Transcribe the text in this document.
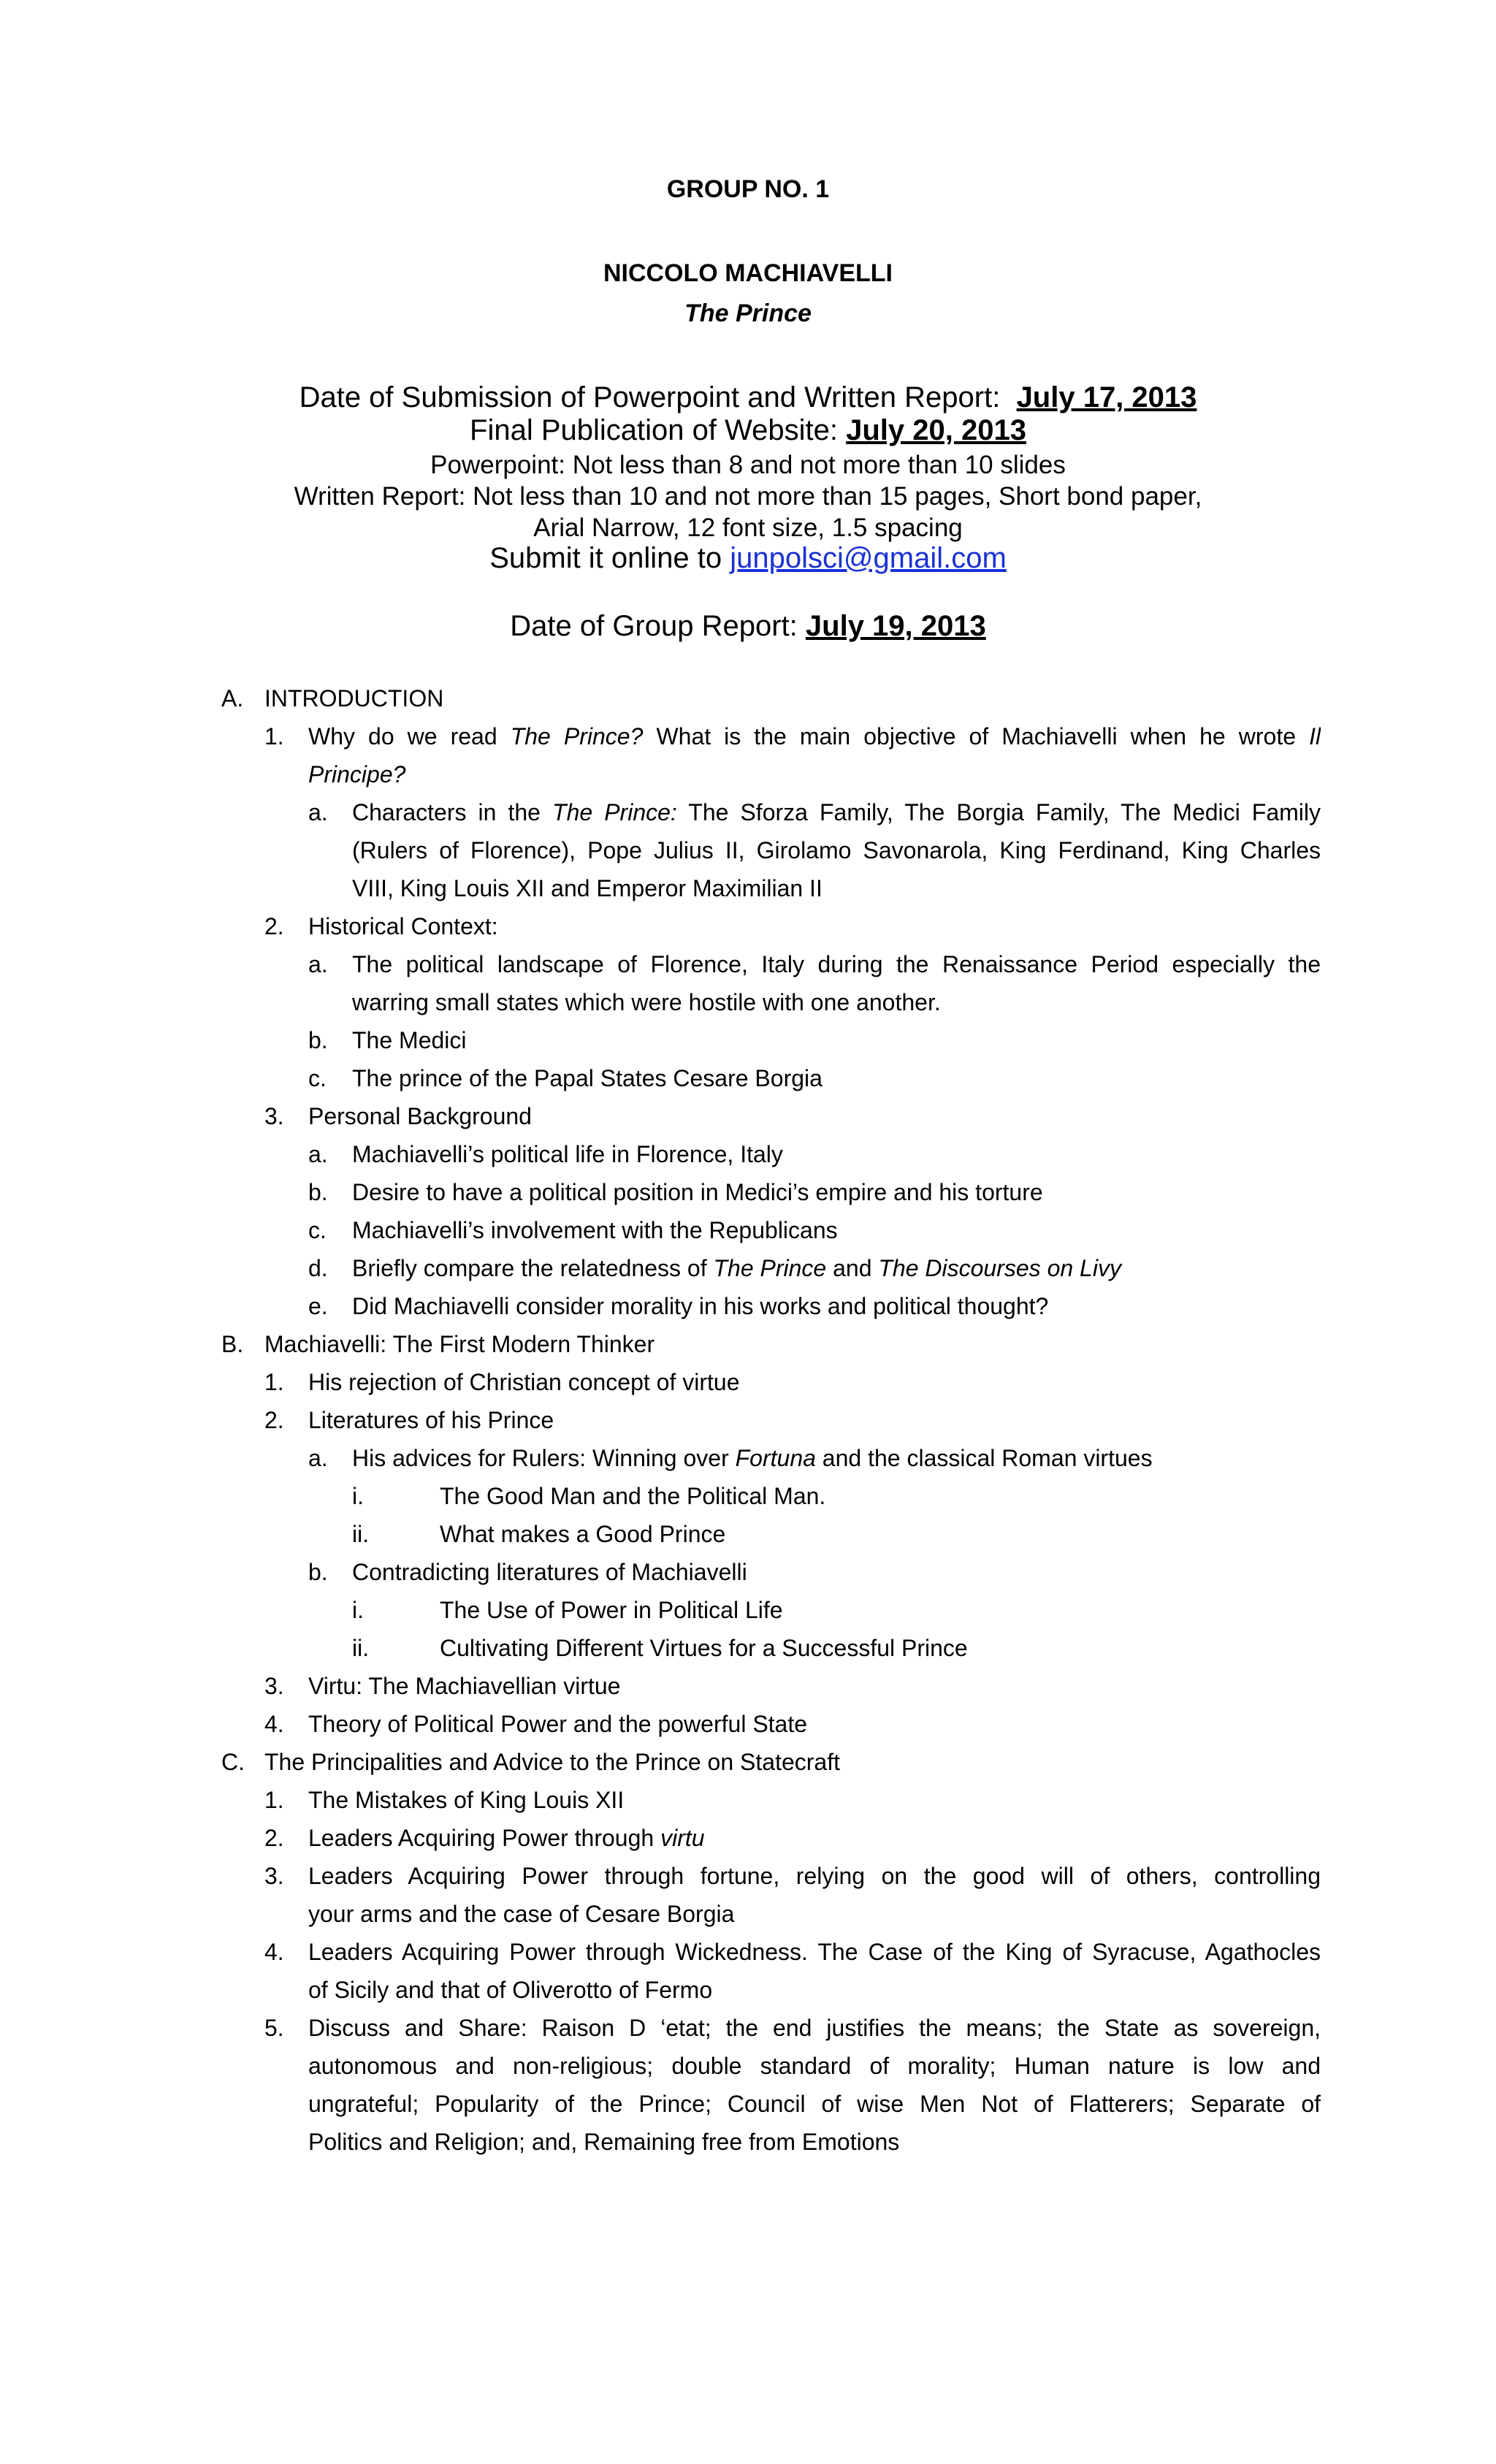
GROUP NO. 1
NICCOLO MACHIAVELLI
The Prince
Date of Submission of Powerpoint and Written Report: July 17, 2013
Final Publication of Website: July 20, 2013
Powerpoint: Not less than 8 and not more than 10 slides
Written Report: Not less than 10 and not more than 15 pages, Short bond paper,
Arial Narrow, 12 font size, 1.5 spacing
Submit it online to junpolsci@gmail.com
Date of Group Report: July 19, 2013
A. INTRODUCTION
1. Why do we read The Prince? What is the main objective of Machiavelli when he wrote Il
Principe?
a. Characters in the The Prince: The Sforza Family, The Borgia Family, The Medici Family
(Rulers of Florence), Pope Julius II, Girolamo Savonarola, King Ferdinand, King Charles
VIII, King Louis XII and Emperor Maximilian II
2. Historical Context:
a. The political landscape of Florence, Italy during the Renaissance Period especially the
warring small states which were hostile with one another.
b. The Medici
c. The prince of the Papal States Cesare Borgia
3. Personal Background
a. Machiavelli’s political life in Florence, Italy
b. Desire to have a political position in Medici’s empire and his torture
c. Machiavelli’s involvement with the Republicans
d. Briefly compare the relatedness of The Prince and The Discourses on Livy
e. Did Machiavelli consider morality in his works and political thought?
B. Machiavelli: The First Modern Thinker
1. His rejection of Christian concept of virtue
2. Literatures of his Prince
a. His advices for Rulers: Winning over Fortuna and the classical Roman virtues
i.	The Good Man and the Political Man.
ii.	What makes a Good Prince
b. Contradicting literatures of Machiavelli
i.	The Use of Power in Political Life
ii.	Cultivating Different Virtues for a Successful Prince
3. Virtu: The Machiavellian virtue
4. Theory of Political Power and the powerful State
C. The Principalities and Advice to the Prince on Statecraft
1. The Mistakes of King Louis XII
2. Leaders Acquiring Power through virtu
3. Leaders Acquiring Power through fortune, relying on the good will of others, controlling
your arms and the case of Cesare Borgia
4. Leaders Acquiring Power through Wickedness. The Case of the King of Syracuse, Agathocles
of Sicily and that of Oliverotto of Fermo
5. Discuss and Share: Raison D ‘etat; the end justifies the means; the State as sovereign,
autonomous and non-religious; double standard of morality; Human nature is low and
ungrateful; Popularity of the Prince; Council of wise Men Not of Flatterers; Separate of
Politics and Religion; and, Remaining free from Emotions
